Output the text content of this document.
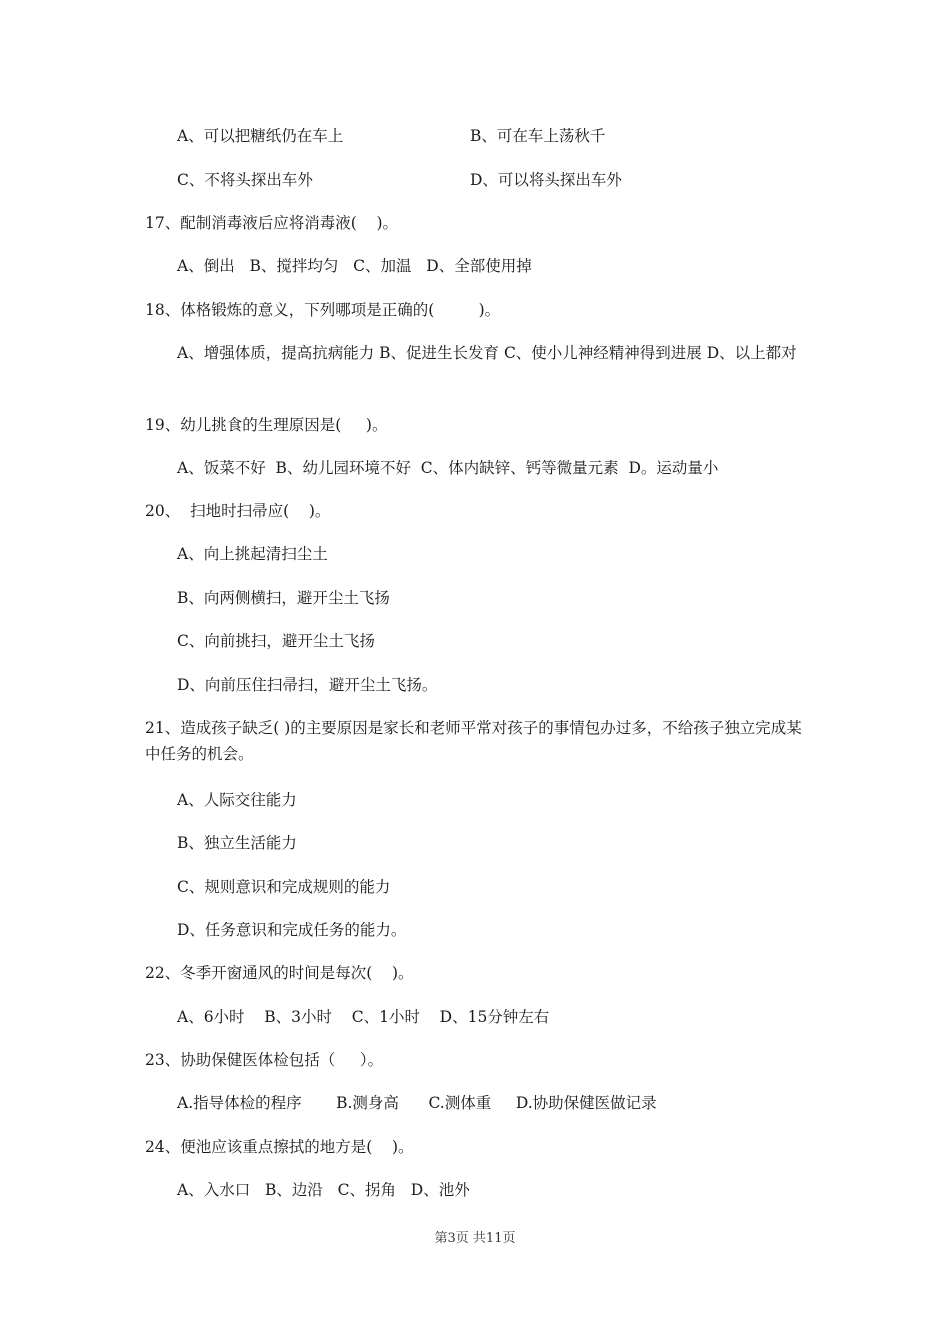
A、可以把糖纸仍在车上	B、可在车上荡秋千
C、不将头探出车外	D、可以将头探出车外
17、配制消毒液后应将消毒液(    )。
A、倒出   B、搅拌均匀   C、加温   D、全部使用掉
18、体格锻炼的意义，下列哪项是正确的(         )。
A、增强体质，提高抗病能力 B、促进生长发育 C、使小儿神经精神得到进展 D、以上都对
19、幼儿挑食的生理原因是(     )。
A、饭菜不好  B、幼儿园环境不好  C、体内缺锌、钙等微量元素  D。运动量小
20、  扫地时扫帚应(    )。
A、向上挑起清扫尘土
B、向两侧横扫，避开尘土飞扬
C、向前挑扫，避开尘土飞扬
D、向前压住扫帚扫，避开尘土飞扬。
21、造成孩子缺乏( )的主要原因是家长和老师平常对孩子的事情包办过多，不给孩子独立完成某中任务的机会。
A、人际交往能力
B、独立生活能力
C、规则意识和完成规则的能力
D、任务意识和完成任务的能力。
22、冬季开窗通风的时间是每次(    )。
A、6小时    B、3小时    C、1小时    D、15分钟左右
23、协助保健医体检包括（     ）。
A.指导体检的程序       B.测身高      C.测体重     D.协助保健医做记录
24、便池应该重点擦拭的地方是(    )。
A、入水口   B、边沿   C、拐角   D、池外
第3页 共11页
